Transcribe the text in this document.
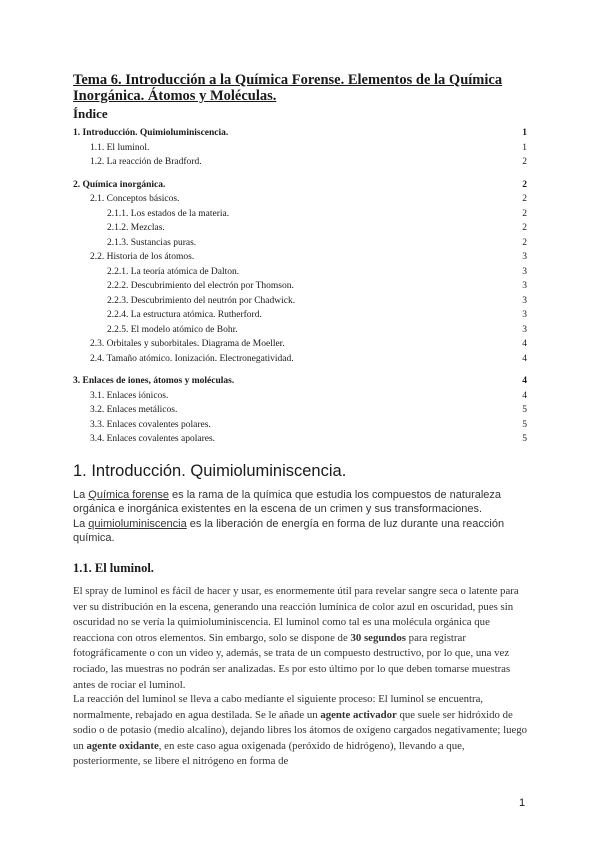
Tema 6. Introducción a la Química Forense. Elementos de la Química Inorgánica. Átomos y Moléculas.
Índice
1. Introducción. Quimioluminiscencia.	1
1.1. El luminol.	1
1.2. La reacción de Bradford.	2
2. Química inorgánica.	2
2.1. Conceptos básicos.	2
2.1.1. Los estados de la materia.	2
2.1.2. Mezclas.	2
2.1.3. Sustancias puras.	2
2.2. Historia de los átomos.	3
2.2.1. La teoría atómica de Dalton.	3
2.2.2. Descubrimiento del electrón por Thomson.	3
2.2.3. Descubrimiento del neutrón por Chadwick.	3
2.2.4. La estructura atómica. Rutherford.	3
2.2.5. El modelo atómico de Bohr.	3
2.3. Orbitales y suborbitales. Diagrama de Moeller.	4
2.4. Tamaño atómico. Ionización. Electronegatividad.	4
3. Enlaces de iones, átomos y moléculas.	4
3.1. Enlaces iónicos.	4
3.2. Enlaces metálicos.	5
3.3. Enlaces covalentes polares.	5
3.4. Enlaces covalentes apolares.	5
1. Introducción. Quimioluminiscencia.
La Química forense es la rama de la química que estudia los compuestos de naturaleza orgánica e inorgánica existentes en la escena de un crimen y sus transformaciones.
La quimioluminiscencia es la liberación de energía en forma de luz durante una reacción química.
1.1. El luminol.
El spray de luminol es fácil de hacer y usar, es enormemente útil para revelar sangre seca o latente para ver su distribución en la escena, generando una reacción lumínica de color azul en oscuridad, pues sin oscuridad no se vería la quimioluminiscencia. El luminol como tal es una molécula orgánica que reacciona con otros elementos. Sin embargo, solo se dispone de 30 segundos para registrar fotográficamente o con un video y, además, se trata de un compuesto destructivo, por lo que, una vez rociado, las muestras no podrán ser analizadas. Es por esto último por lo que deben tomarse muestras antes de rociar el luminol.
La reacción del luminol se lleva a cabo mediante el siguiente proceso: El luminol se encuentra, normalmente, rebajado en agua destilada. Se le añade un agente activador que suele ser hidróxido de sodio o de potasio (medio alcalino), dejando libres los átomos de oxígeno cargados negativamente; luego un agente oxidante, en este caso agua oxigenada (peróxido de hidrógeno), llevando a que, posteriormente, se libere el nitrógeno en forma de
1
